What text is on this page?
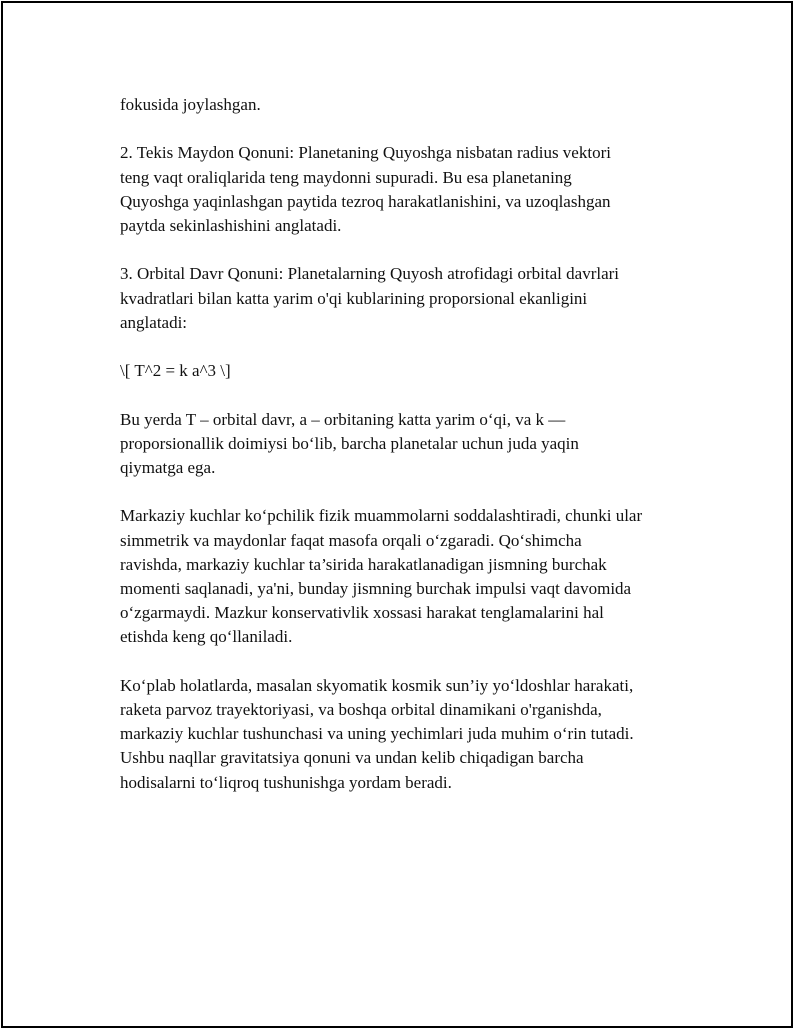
fokusida joylashgan.

2. Tekis Maydon Qonuni: Planetaning Quyoshga nisbatan radius vektori
teng vaqt oraliqlarida teng maydonni supuradi. Bu esa planetaning
Quyoshga yaqinlashgan paytida tezroq harakatlanishini, va uzoqlashgan
paytda sekinlashishini anglatadi.

3. Orbital Davr Qonuni: Planetalarning Quyosh atrofidagi orbital davrlari
kvadratlari bilan katta yarim o'qi kublarining proporsional ekanligini
anglatadi:

\[ T^2 = k a^3 \]

Bu yerda T – orbital davr, a – orbitaning katta yarim o‘qi, va k —
proporsionallik doimiysi bo‘lib, barcha planetalar uchun juda yaqin
qiymatga ega.

Markaziy kuchlar ko‘pchilik fizik muammolarni soddalashtiradi, chunki ular
simmetrik va maydonlar faqat masofa orqali o‘zgaradi. Qo‘shimcha
ravishda, markaziy kuchlar ta’sirida harakatlanadigan jismning burchak
momenti saqlanadi, ya'ni, bunday jismning burchak impulsi vaqt davomida
o‘zgarmaydi. Mazkur konservativlik xossasi harakat tenglamalarini hal
etishda keng qo‘llaniladi.

Ko‘plab holatlarda, masalan skyomatik kosmik sun’iy yo‘ldoshlar harakati,
raketa parvoz trayektoriyasi, va boshqa orbital dinamikani o'rganishda,
markaziy kuchlar tushunchasi va uning yechimlari juda muhim o‘rin tutadi.
Ushbu naqllar gravitatsiya qonuni va undan kelib chiqadigan barcha
hodisalarni to‘liqroq tushunishga yordam beradi.
